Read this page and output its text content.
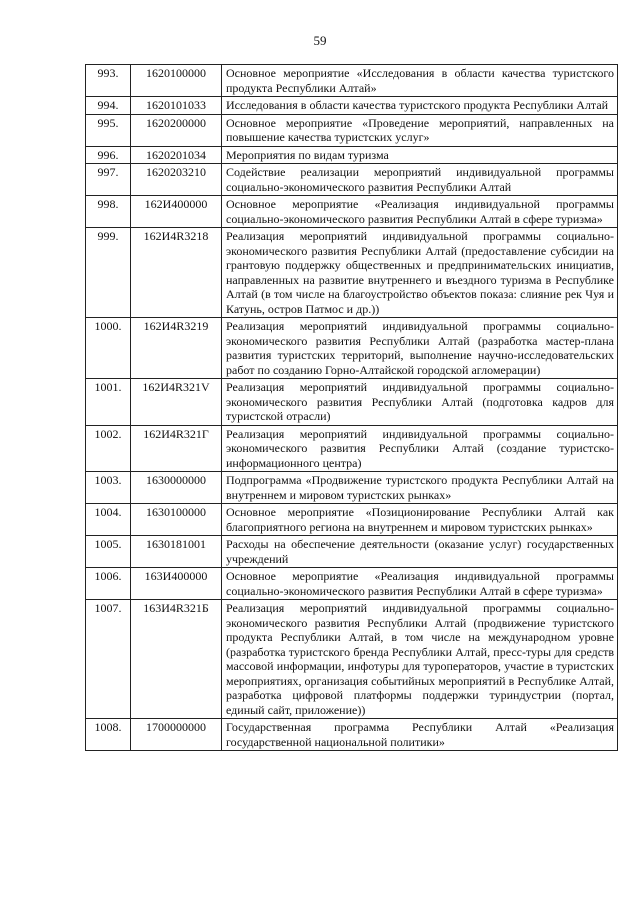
59
993.	1620100000	Основное мероприятие «Исследования в области качества туристского продукта Республики Алтай»
994.	1620101033	Исследования в области качества туристского продукта Республики Алтай
995.	1620200000	Основное мероприятие «Проведение мероприятий, направленных на повышение качества туристских услуг»
996.	1620201034	Мероприятия по видам туризма
997.	1620203210	Содействие реализации мероприятий индивидуальной программы социально-экономического развития Республики Алтай
998.	162И400000	Основное мероприятие «Реализация индивидуальной программы социально-экономического развития Республики Алтай в сфере туризма»
999.	162И4R3218	Реализация мероприятий индивидуальной программы социально-экономического развития Республики Алтай (предоставление субсидии на грантовую поддержку общественных и предпринимательских инициатив, направленных на развитие внутреннего и въездного туризма в Республике Алтай (в том числе на благоустройство объектов показа: слияние рек Чуя и Катунь, остров Патмос и др.))
1000.	162И4R3219	Реализация мероприятий индивидуальной программы социально-экономического развития Республики Алтай (разработка мастер-плана развития туристских территорий, выполнение научно-исследовательских работ по созданию Горно-Алтайской городской агломерации)
1001.	162И4R321V	Реализация мероприятий индивидуальной программы социально-экономического развития Республики Алтай (подготовка кадров для туристской отрасли)
1002.	162И4R321Г	Реализация мероприятий индивидуальной программы социально-экономического развития Республики Алтай (создание туристско-информационного центра)
1003.	1630000000	Подпрограмма «Продвижение туристского продукта Республики Алтай на внутреннем и мировом туристских рынках»
1004.	1630100000	Основное мероприятие «Позиционирование Республики Алтай как благоприятного региона на внутреннем и мировом туристских рынках»
1005.	1630181001	Расходы на обеспечение деятельности (оказание услуг) государственных учреждений
1006.	163И400000	Основное мероприятие «Реализация индивидуальной программы социально-экономического развития Республики Алтай в сфере туризма»
1007.	163И4R321Б	Реализация мероприятий индивидуальной программы социально-экономического развития Республики Алтай (продвижение туристского продукта Республики Алтай, в том числе на международном уровне (разработка туристского бренда Республики Алтай, пресс-туры для средств массовой информации, инфотуры для туроператоров, участие в туристских мероприятиях, организация событийных мероприятий в Республике Алтай, разработка цифровой платформы поддержки туриндустрии (портал, единый сайт, приложение))
1008.	1700000000	Государственная программа Республики Алтай «Реализация государственной национальной политики»
